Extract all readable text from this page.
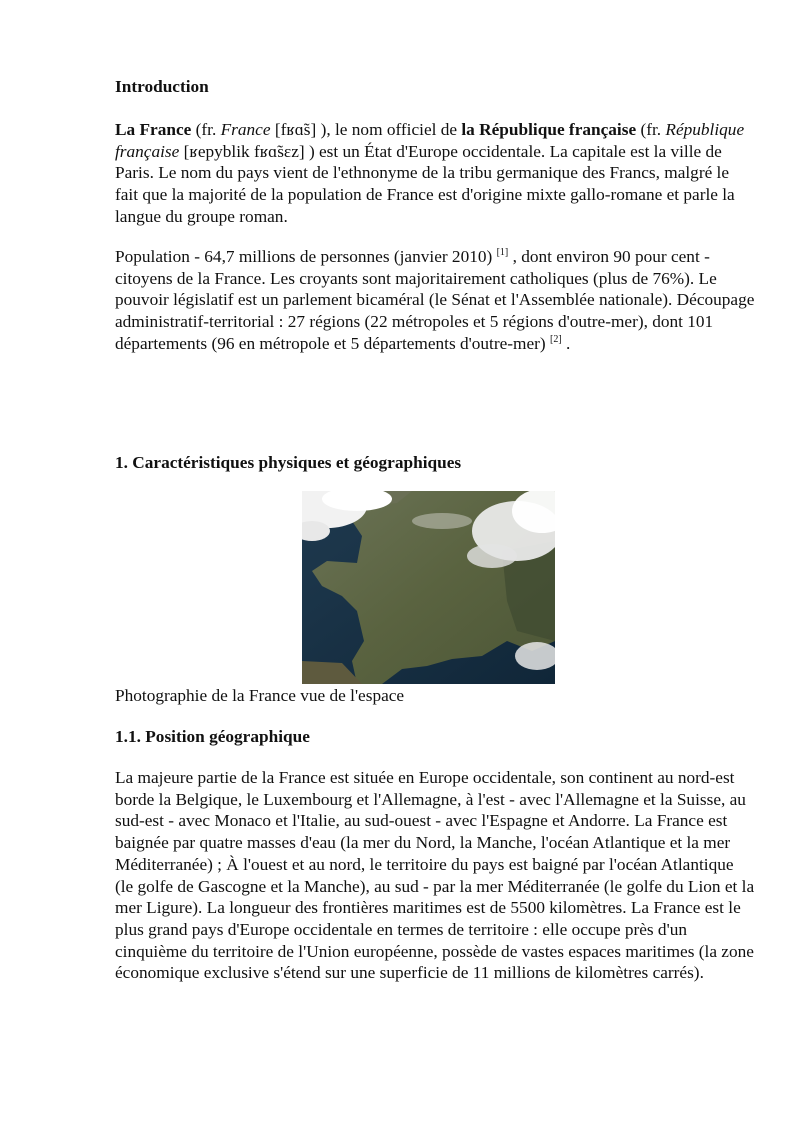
Introduction

La France (fr. France [fʁɑ̃s] ), le nom officiel de la République française (fr. République française [ʁepyblik fʁɑ̃sɛz] ) est un État d'Europe occidentale. La capitale est la ville de Paris. Le nom du pays vient de l'ethnonyme de la tribu germanique des Francs, malgré le fait que la majorité de la population de France est d'origine mixte gallo-romane et parle la langue du groupe roman.

Population - 64,7 millions de personnes (janvier 2010) [1] , dont environ 90 pour cent - citoyens de la France. Les croyants sont majoritairement catholiques (plus de 76%). Le pouvoir législatif est un parlement bicaméral (le Sénat et l'Assemblée nationale). Découpage administratif-territorial : 27 régions (22 métropoles et 5 régions d'outre-mer), dont 101 départements (96 en métropole et 5 départements d'outre-mer) [2] .

1. Caractéristiques physiques et géographiques

Photographie de la France vue de l'espace

1.1. Position géographique

La majeure partie de la France est située en Europe occidentale, son continent au nord-est borde la Belgique, le Luxembourg et l'Allemagne, à l'est - avec l'Allemagne et la Suisse, au sud-est - avec Monaco et l'Italie, au sud-ouest - avec l'Espagne et Andorre. La France est baignée par quatre masses d'eau (la mer du Nord, la Manche, l'océan Atlantique et la mer Méditerranée) ; À l'ouest et au nord, le territoire du pays est baigné par l'océan Atlantique (le golfe de Gascogne et la Manche), au sud - par la mer Méditerranée (le golfe du Lion et la mer Ligure). La longueur des frontières maritimes est de 5500 kilomètres. La France est le plus grand pays d'Europe occidentale en termes de territoire : elle occupe près d'un cinquième du territoire de l'Union européenne, possède de vastes espaces maritimes (la zone économique exclusive s'étend sur une superficie de 11 millions de kilomètres carrés).
